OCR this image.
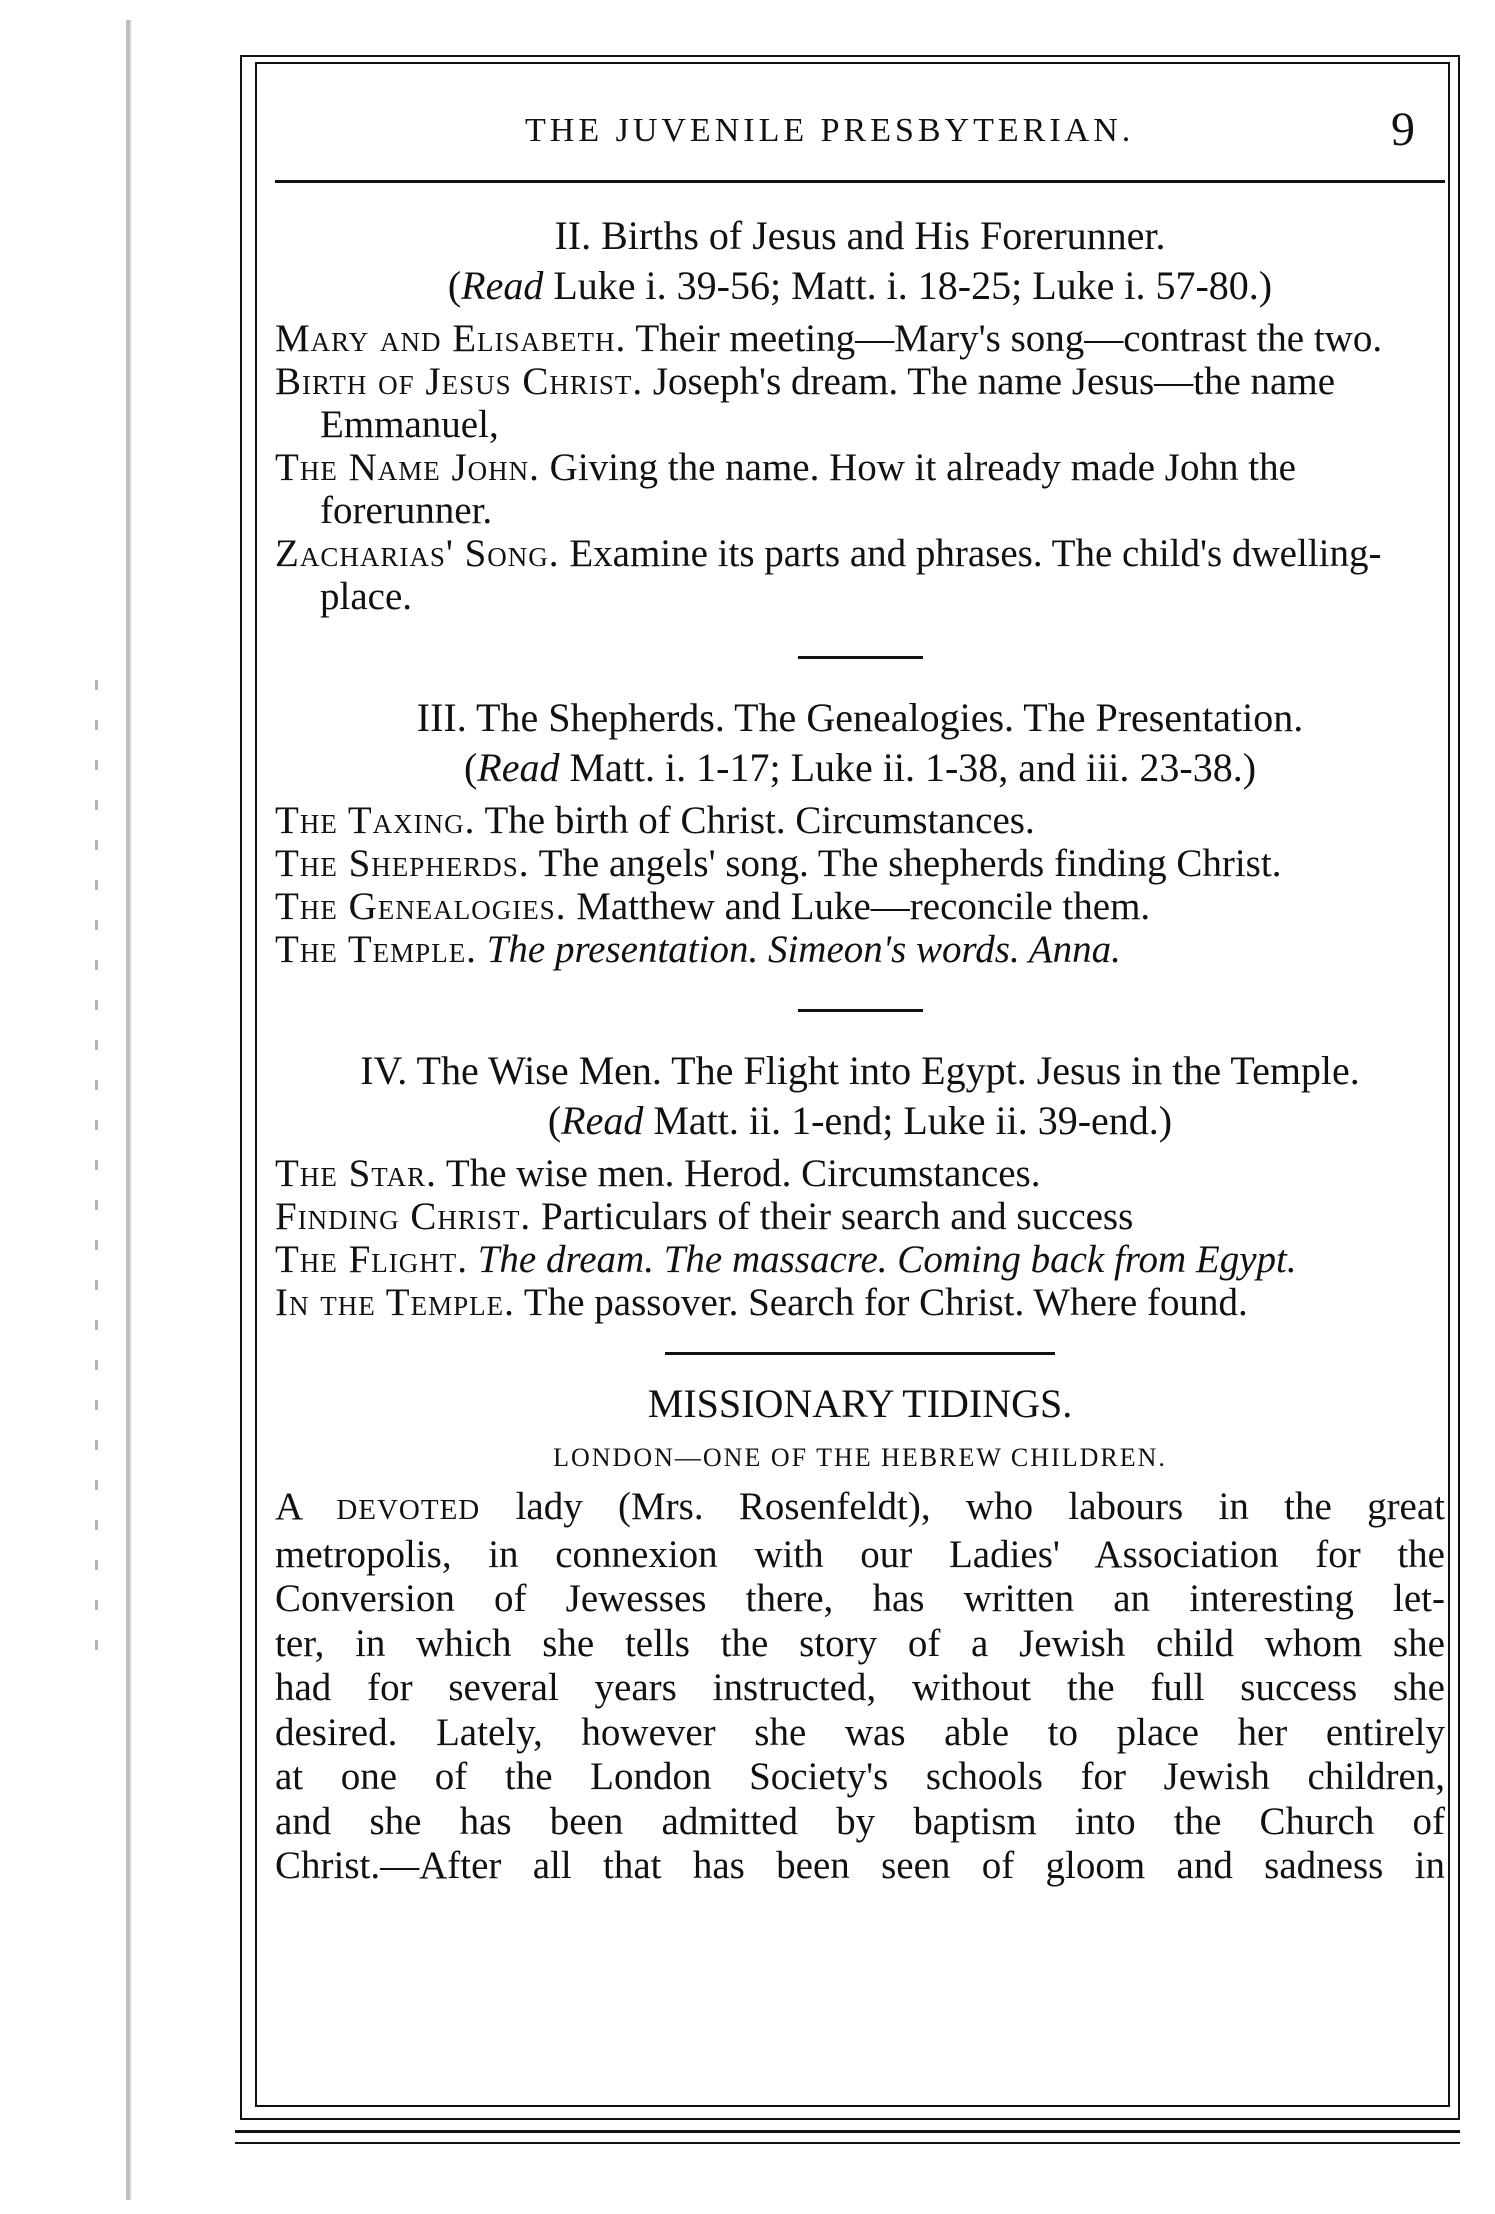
THE JUVENILE PRESBYTERIAN.	9

II. Births of Jesus and His Forerunner.

(Read Luke i. 39-56; Matt. i. 18-25; Luke i. 57-80.)

Mary and Elisabeth. Their meeting—Mary's song—contrast the two.

Birth of Jesus Christ. Joseph's dream. The name Jesus—the name Emmanuel,

The Name John. Giving the name. How it already made John the forerunner.

Zacharias' Song. Examine its parts and phrases. The child's dwelling-place.

III. The Shepherds. The Genealogies. The Presentation.

(Read Matt. i. 1-17; Luke ii. 1-38, and iii. 23-38.)

The Taxing. The birth of Christ. Circumstances.

The Shepherds. The angels' song. The shepherds finding Christ.

The Genealogies. Matthew and Luke—reconcile them.

The Temple. The presentation. Simeon's words. Anna.

IV. The Wise Men. The Flight into Egypt. Jesus in the Temple.

(Read Matt. ii. 1-end; Luke ii. 39-end.)

The Star. The wise men. Herod. Circumstances.

Finding Christ. Particulars of their search and success

The Flight. The dream. The massacre. Coming back from Egypt.

In the Temple. The passover. Search for Christ. Where found.

MISSIONARY TIDINGS.

LONDON—ONE OF THE HEBREW CHILDREN.

A DEVOTED lady (Mrs. Rosenfeldt), who labours in the great

metropolis, in connexion with our Ladies' Association for the

Conversion of Jewesses there, has written an interesting let-

ter, in which she tells the story of a Jewish child whom she

had for several years instructed, without the full success she

desired. Lately, however she was able to place her entirely

at one of the London Society's schools for Jewish children,

and she has been admitted by baptism into the Church of

Christ.—After all that has been seen of gloom and sadness in
